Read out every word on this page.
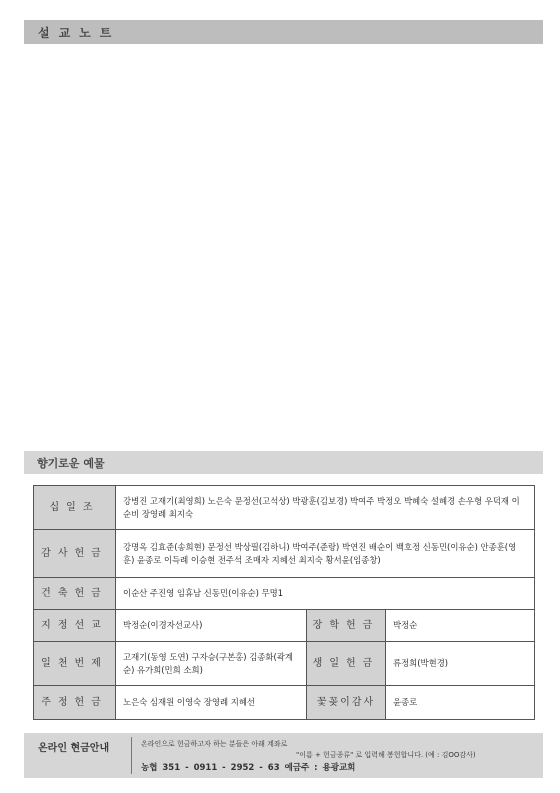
설교노트
향기로운 예물
십일조	강병진 고재기(최영희) 노은숙 문정선(고석상) 박광훈(김보경) 박여주 박정오 박혜숙 설혜경 손우형 우덕재 이순비 장영례 최지숙		
감사헌금	강명옥 김효준(송희현) 문정선 박상필(김하니) 박여주(준랑) 박연진 배순이 백호정 신동민(이유순) 안종훈(영훈) 윤종로 이득례 이승현 전주석 조매자 지혜선 최지숙 황서윤(임종창)		
건축헌금	이순산 주진영 임휴남 신동민(이유순) 무명1		
지정선교	박정순(이경자선교사)	장학헌금	박정순
일천번제	고재기(동영 도연) 구자승(구본홍) 김종화(곽계순) 유가희(민희 소희)	생일헌금	류정희(박현경)
주정헌금	노은숙 심재원 이영숙 장영례 지혜선	꽃꽂이감사	윤종로
온라인 현금안내	온라인으로 헌금하고자 하는 분들은 아래 계좌로
"이름 + 헌금종류" 로 입력해 봉헌합니다. (예 : 김OO감사)
농협 351 - 0911 - 2952 - 63 예금주 : 용광교회
